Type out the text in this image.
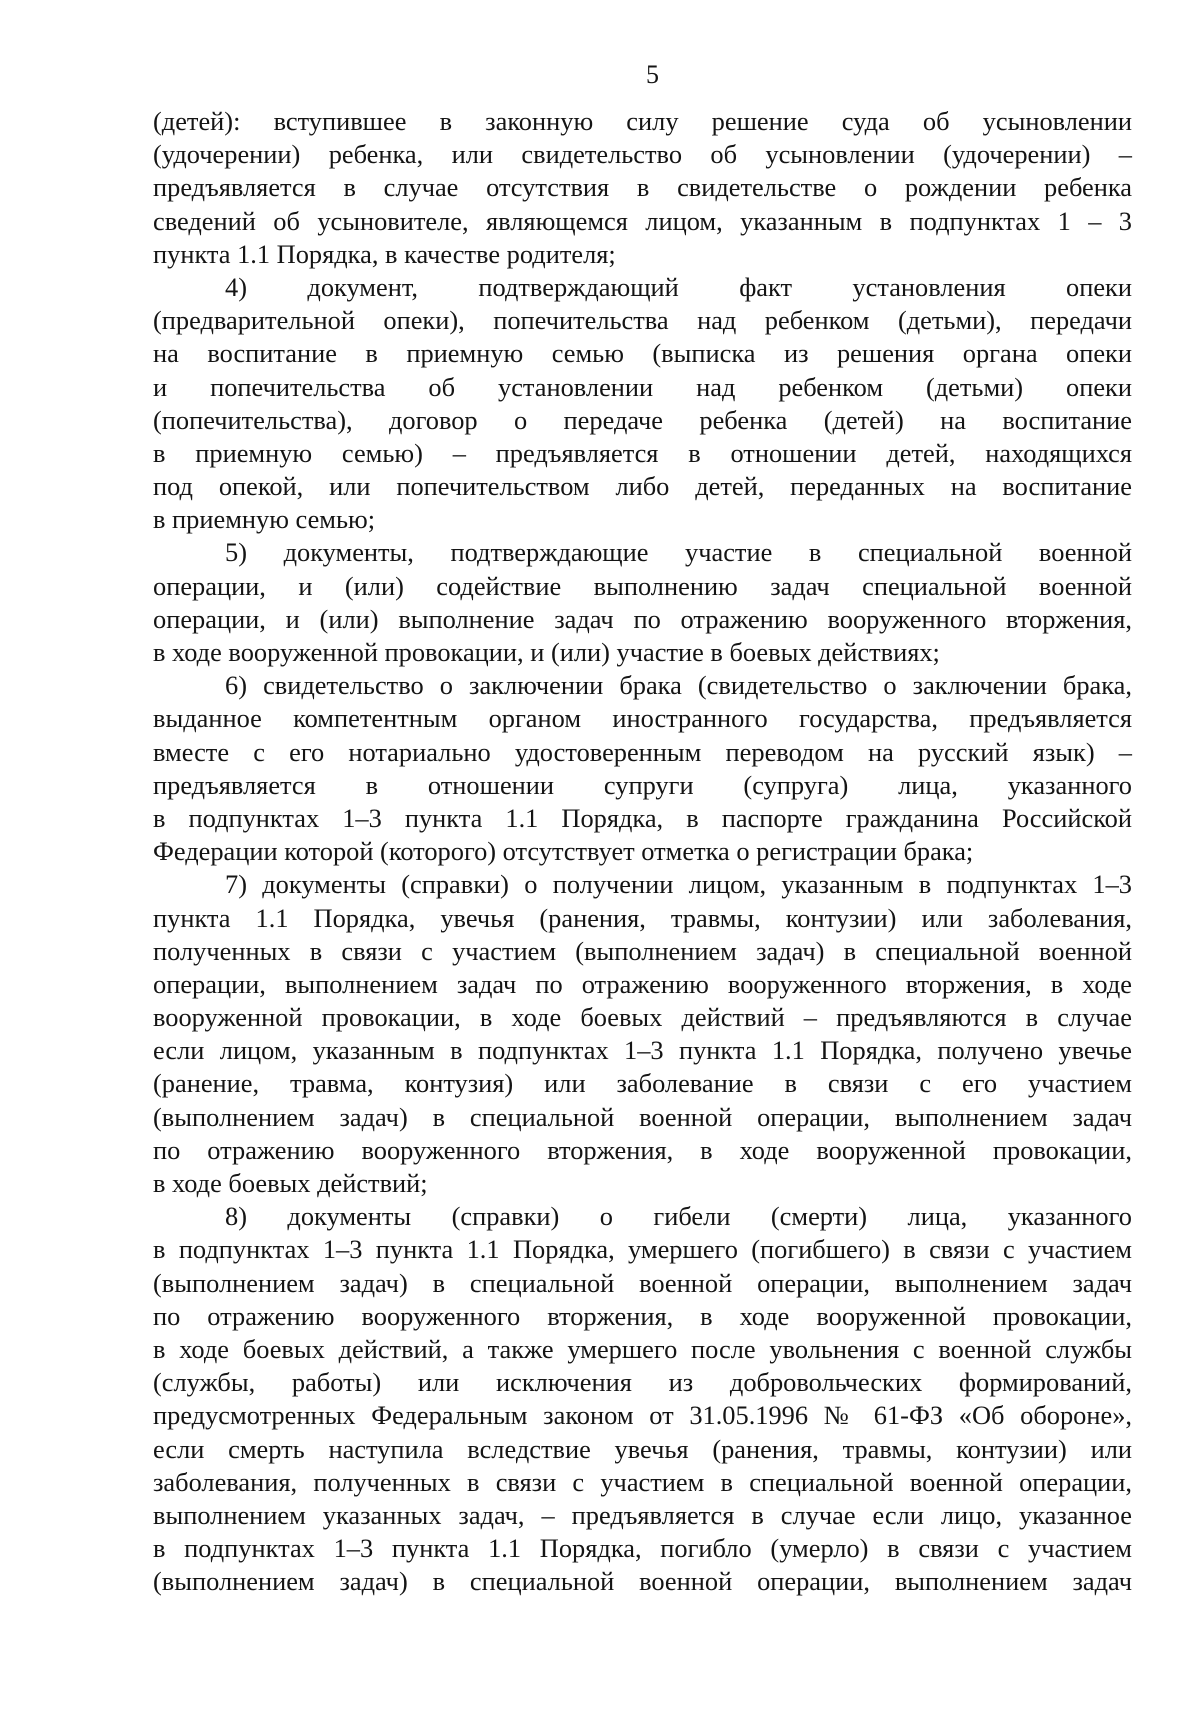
5
(детей): вступившее в законную силу решение суда об усыновлении
(удочерении) ребенка, или свидетельство об усыновлении (удочерении) –
предъявляется в случае отсутствия в свидетельстве о рождении ребенка
сведений об усыновителе, являющемся лицом, указанным в подпунктах 1 – 3
пункта 1.1 Порядка, в качестве родителя;
4) документ, подтверждающий факт установления опеки
(предварительной опеки), попечительства над ребенком (детьми), передачи
на воспитание в приемную семью (выписка из решения органа опеки
и попечительства об установлении над ребенком (детьми) опеки
(попечительства), договор о передаче ребенка (детей) на воспитание
в приемную семью) – предъявляется в отношении детей, находящихся
под опекой, или попечительством либо детей, переданных на воспитание
в приемную семью;
5) документы, подтверждающие участие в специальной военной
операции, и (или) содействие выполнению задач специальной военной
операции, и (или) выполнение задач по отражению вооруженного вторжения,
в ходе вооруженной провокации, и (или) участие в боевых действиях;
6) свидетельство о заключении брака (свидетельство о заключении брака,
выданное компетентным органом иностранного государства, предъявляется
вместе с его нотариально удостоверенным переводом на русский язык) –
предъявляется в отношении супруги (супруга) лица, указанного
в подпунктах 1–3 пункта 1.1 Порядка, в паспорте гражданина Российской
Федерации которой (которого) отсутствует отметка о регистрации брака;
7) документы (справки) о получении лицом, указанным в подпунктах 1–3
пункта 1.1 Порядка, увечья (ранения, травмы, контузии) или заболевания,
полученных в связи с участием (выполнением задач) в специальной военной
операции, выполнением задач по отражению вооруженного вторжения, в ходе
вооруженной провокации, в ходе боевых действий – предъявляются в случае
если лицом, указанным в подпунктах 1–3 пункта 1.1 Порядка, получено увечье
(ранение, травма, контузия) или заболевание в связи с его участием
(выполнением задач) в специальной военной операции, выполнением задач
по отражению вооруженного вторжения, в ходе вооруженной провокации,
в ходе боевых действий;
8) документы (справки) о гибели (смерти) лица, указанного
в подпунктах 1–3 пункта 1.1 Порядка, умершего (погибшего) в связи с участием
(выполнением задач) в специальной военной операции, выполнением задач
по отражению вооруженного вторжения, в ходе вооруженной провокации,
в ходе боевых действий, а также умершего после увольнения с военной службы
(службы, работы) или исключения из добровольческих формирований,
предусмотренных Федеральным законом от 31.05.1996 № 61-ФЗ «Об обороне»,
если смерть наступила вследствие увечья (ранения, травмы, контузии) или
заболевания, полученных в связи с участием в специальной военной операции,
выполнением указанных задач, – предъявляется в случае если лицо, указанное
в подпунктах 1–3 пункта 1.1 Порядка, погибло (умерло) в связи с участием
(выполнением задач) в специальной военной операции, выполнением задач
